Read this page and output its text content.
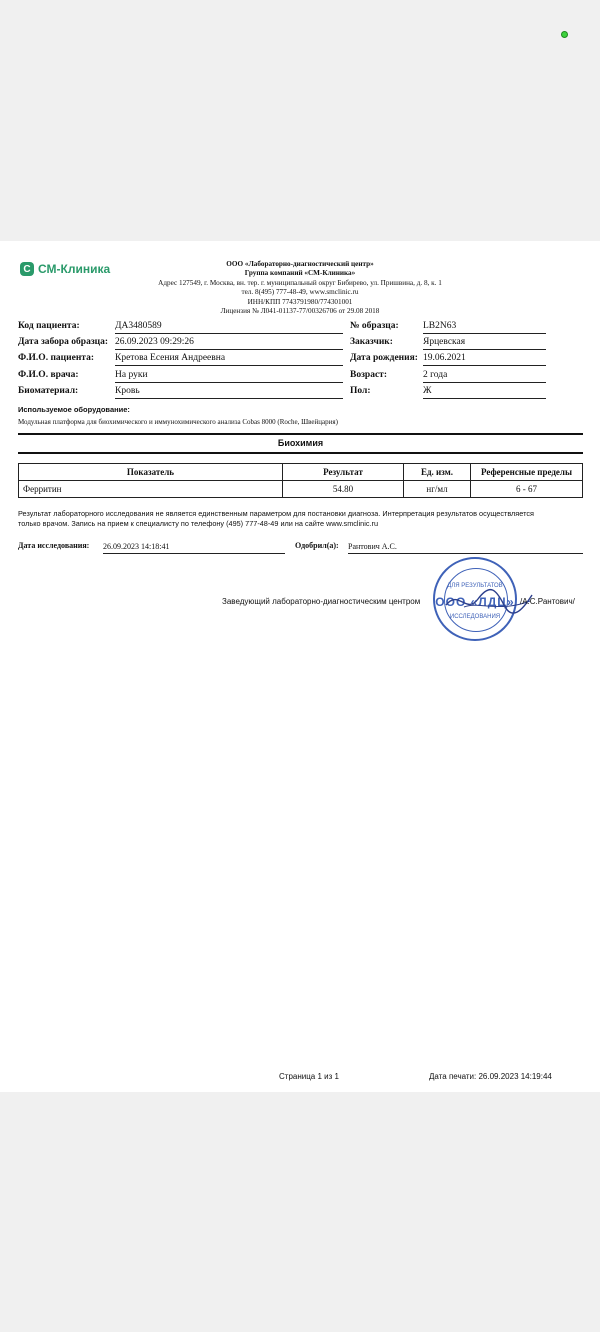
C СМ-Клиника	ООО «Лабораторно-диагностический центр»
Группа компаний «СМ-Клиника»
Адрес 127549, г. Москва, вн. тер. г. муниципальный округ Бибирево, ул. Пришвина, д. 8, к. 1
тел. 8(495) 777-48-49, www.smclinic.ru
ИНН/КПП 7743791980/774301001
Лицензия № Л041-01137-77/00326706 от 29.08 2018
Код пациента:	ДА3480589
Дата забора образца: 26.09.2023 09:29:26
Ф.И.О. пациента: Кретова Есения Андреевна
Ф.И.О. врача:	На руки
Биоматериал:	Кровь
№ образца:	LB2N63
Заказчик:	Ярцевская
Дата рождения: 19.06.2021
Возраст:	2 года
Пол:	Ж
Используемое оборудование:
Модульная платформа для биохимического и иммунохимического анализа Cobas 8000 (Roche, Швейцария)
Биохимия
Показатель	Результат	Ед. изм.	Референсные пределы
Ферритин	54.80	нг/мл	6 - 67
Результат лабораторного исследования не является единственным параметром для постановки диагноза. Интерпретация результатов осуществляется только врачом. Запись на прием к специалисту по телефону (495) 777-48-49 или на сайте www.smclinic.ru
Дата исследования: 26.09.2023 14:18:41	Одобрил(а): Рантович А.С.
ДЛЯ РЕЗУЛЬТАТОВ
ООО «ЛДЦ»
ИССЛЕДОВАНИЯ
Заведующий лабораторно-диагностическим центром	/А.С.Рантович/
Страница 1 из 1	Дата печати: 26.09.2023 14:19:44
